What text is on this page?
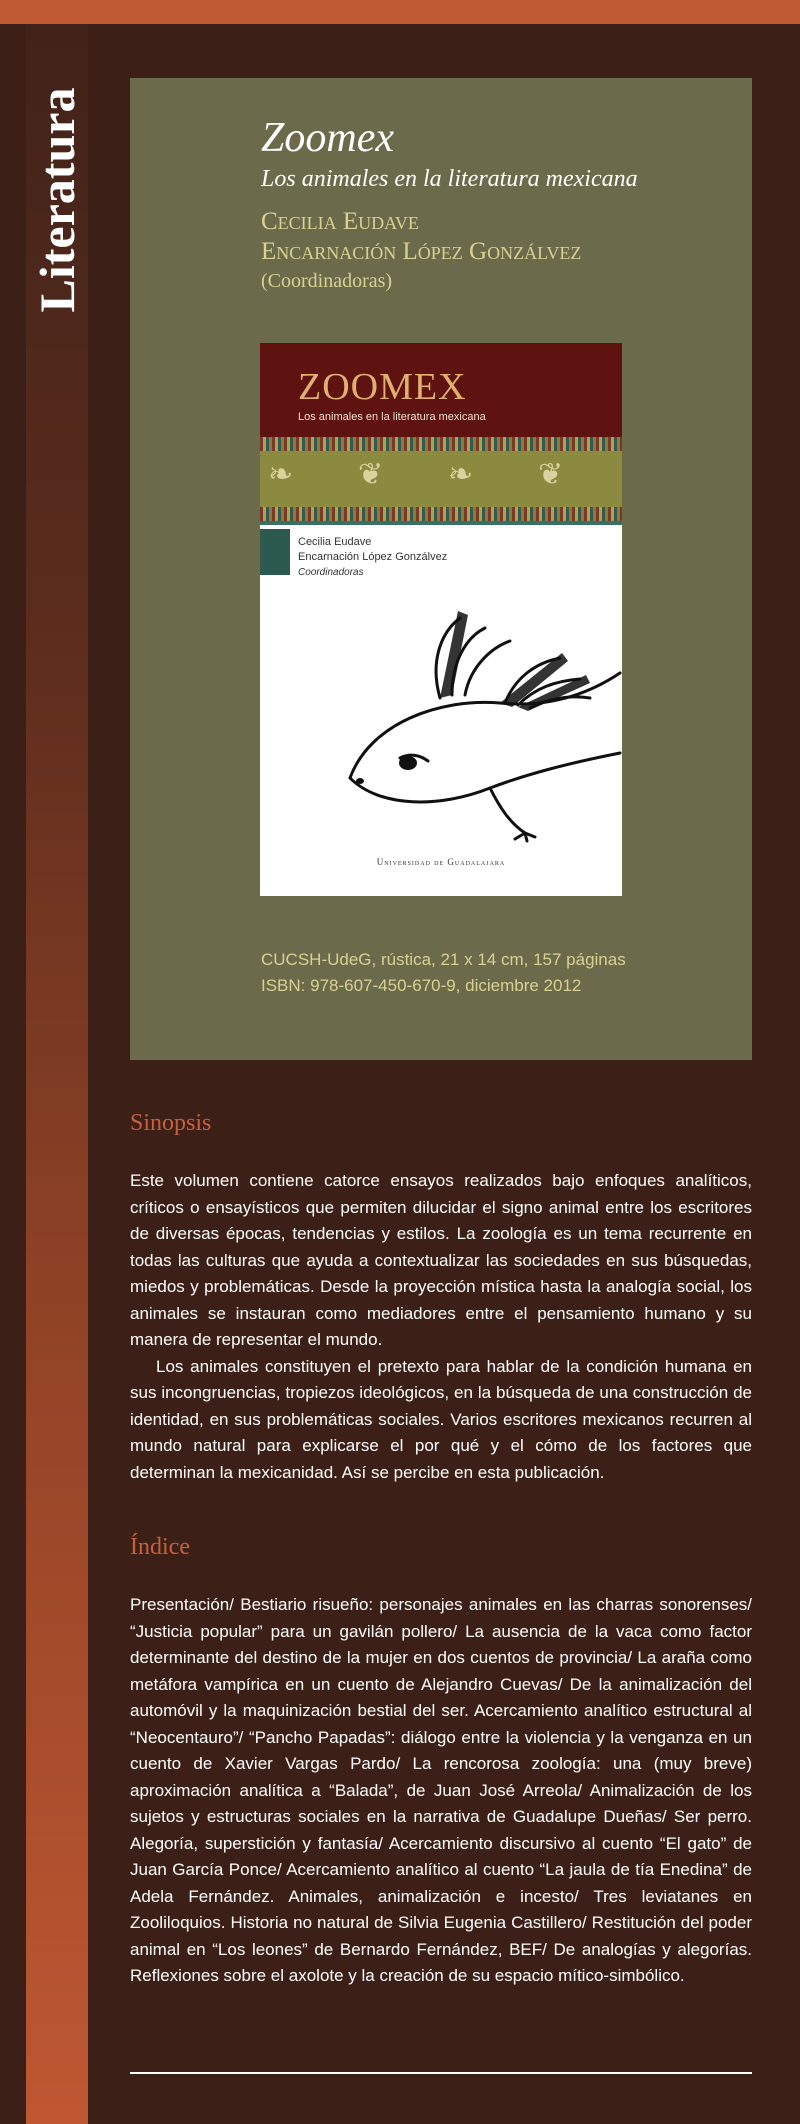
Literatura	Zoomex
Los animales en la literatura mexicana
Cecilia Eudave
Encarnación López Gonzálvez
(Coordinadoras)
ZOOMEX
Los animales en la literatura mexicana
❧ ❦ ❧ ❦
Cecilia Eudave
Encarnación López Gonzálvez
Coordinadoras
Universidad de Guadalajara
CUCSH-UdeG, rústica, 21 x 14 cm, 157 páginas
ISBN: 978-607-450-670-9, diciembre 2012
Sinopsis

Este volumen contiene catorce ensayos realizados bajo enfoques analíticos, críticos o ensayísticos que permiten dilucidar el signo animal entre los escritores de diversas épocas, tendencias y estilos. La zoología es un tema recurrente en todas las culturas que ayuda a contextualizar las sociedades en sus búsquedas, miedos y problemáticas. Desde la proyección mística hasta la analogía social, los animales se instauran como mediadores entre el pensamiento humano y su manera de representar el mundo.

Los animales constituyen el pretexto para hablar de la condición humana en sus incongruencias, tropiezos ideológicos, en la búsqueda de una construcción de identidad, en sus problemáticas sociales. Varios escritores mexicanos recurren al mundo natural para explicarse el por qué y el cómo de los factores que determinan la mexicanidad. Así se percibe en esta publicación.

Índice

Presentación/ Bestiario risueño: personajes animales en las charras sonorenses/ “Justicia popular” para un gavilán pollero/ La ausencia de la vaca como factor determinante del destino de la mujer en dos cuentos de provincia/ La araña como metáfora vampírica en un cuento de Alejandro Cuevas/ De la animalización del automóvil y la maquinización bestial del ser. Acercamiento analítico estructural al “Neocentauro”/ “Pancho Papadas”: diálogo entre la violencia y la venganza en un cuento de Xavier Vargas Pardo/ La rencorosa zoología: una (muy breve) aproximación analítica a “Balada”, de Juan José Arreola/ Animalización de los sujetos y estructuras sociales en la narrativa de Guadalupe Dueñas/ Ser perro. Alegoría, superstición y fantasía/ Acercamiento discursivo al cuento “El gato” de Juan García Ponce/ Acercamiento analítico al cuento “La jaula de tía Enedina” de Adela Fernández. Animales, animalización e incesto/ Tres leviatanes en Zooliloquios. Historia no natural de Silvia Eugenia Castillero/ Restitución del poder animal en “Los leones” de Bernardo Fernández, BEF/ De analogías y alegorías. Reflexiones sobre el axolote y la creación de su espacio mítico-simbólico.
